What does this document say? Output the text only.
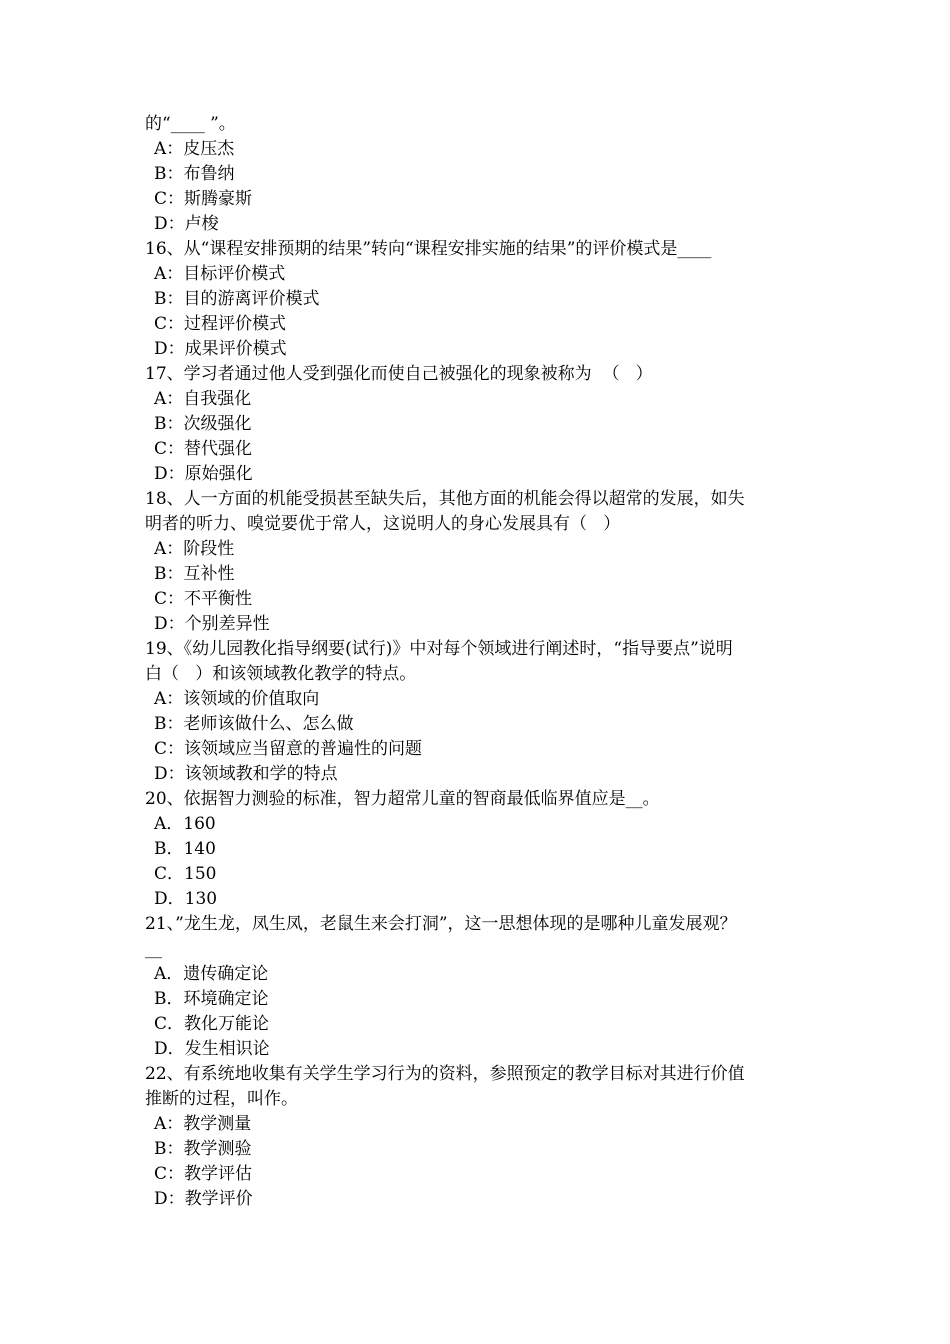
的“____ ”。
A：皮压杰
B：布鲁纳
C：斯腾豪斯
D：卢梭
16、从“课程安排预期的结果”转向“课程安排实施的结果”的评价模式是____
A：目标评价模式
B：目的游离评价模式
C：过程评价模式
D：成果评价模式
17、学习者通过他人受到强化而使自己被强化的现象被称为  （   ）
A：自我强化
B：次级强化
C：替代强化
D：原始强化
18、人一方面的机能受损甚至缺失后，其他方面的机能会得以超常的发展，如失
明者的听力、嗅觉要优于常人，这说明人的身心发展具有（   ）
A：阶段性
B：互补性
C：不平衡性
D：个别差异性
19、《幼儿园教化指导纲要(试行)》中对每个领域进行阐述时，“指导要点”说明
白（   ）和该领域教化教学的特点。
A：该领域的价值取向
B：老师该做什么、怎么做
C：该领域应当留意的普遍性的问题
D：该领域教和学的特点
20、依据智力测验的标准，智力超常儿童的智商最低临界值应是__。
A．160
B．140
C．150
D．130
21、”龙生龙，凤生凤，老鼠生来会打洞”，这一思想体现的是哪种儿童发展观？
__
A．遗传确定论
B．环境确定论
C．教化万能论
D．发生相识论
22、有系统地收集有关学生学习行为的资料，参照预定的教学目标对其进行价值
推断的过程，叫作。
A：教学测量
B：教学测验
C：教学评估
D：教学评价
